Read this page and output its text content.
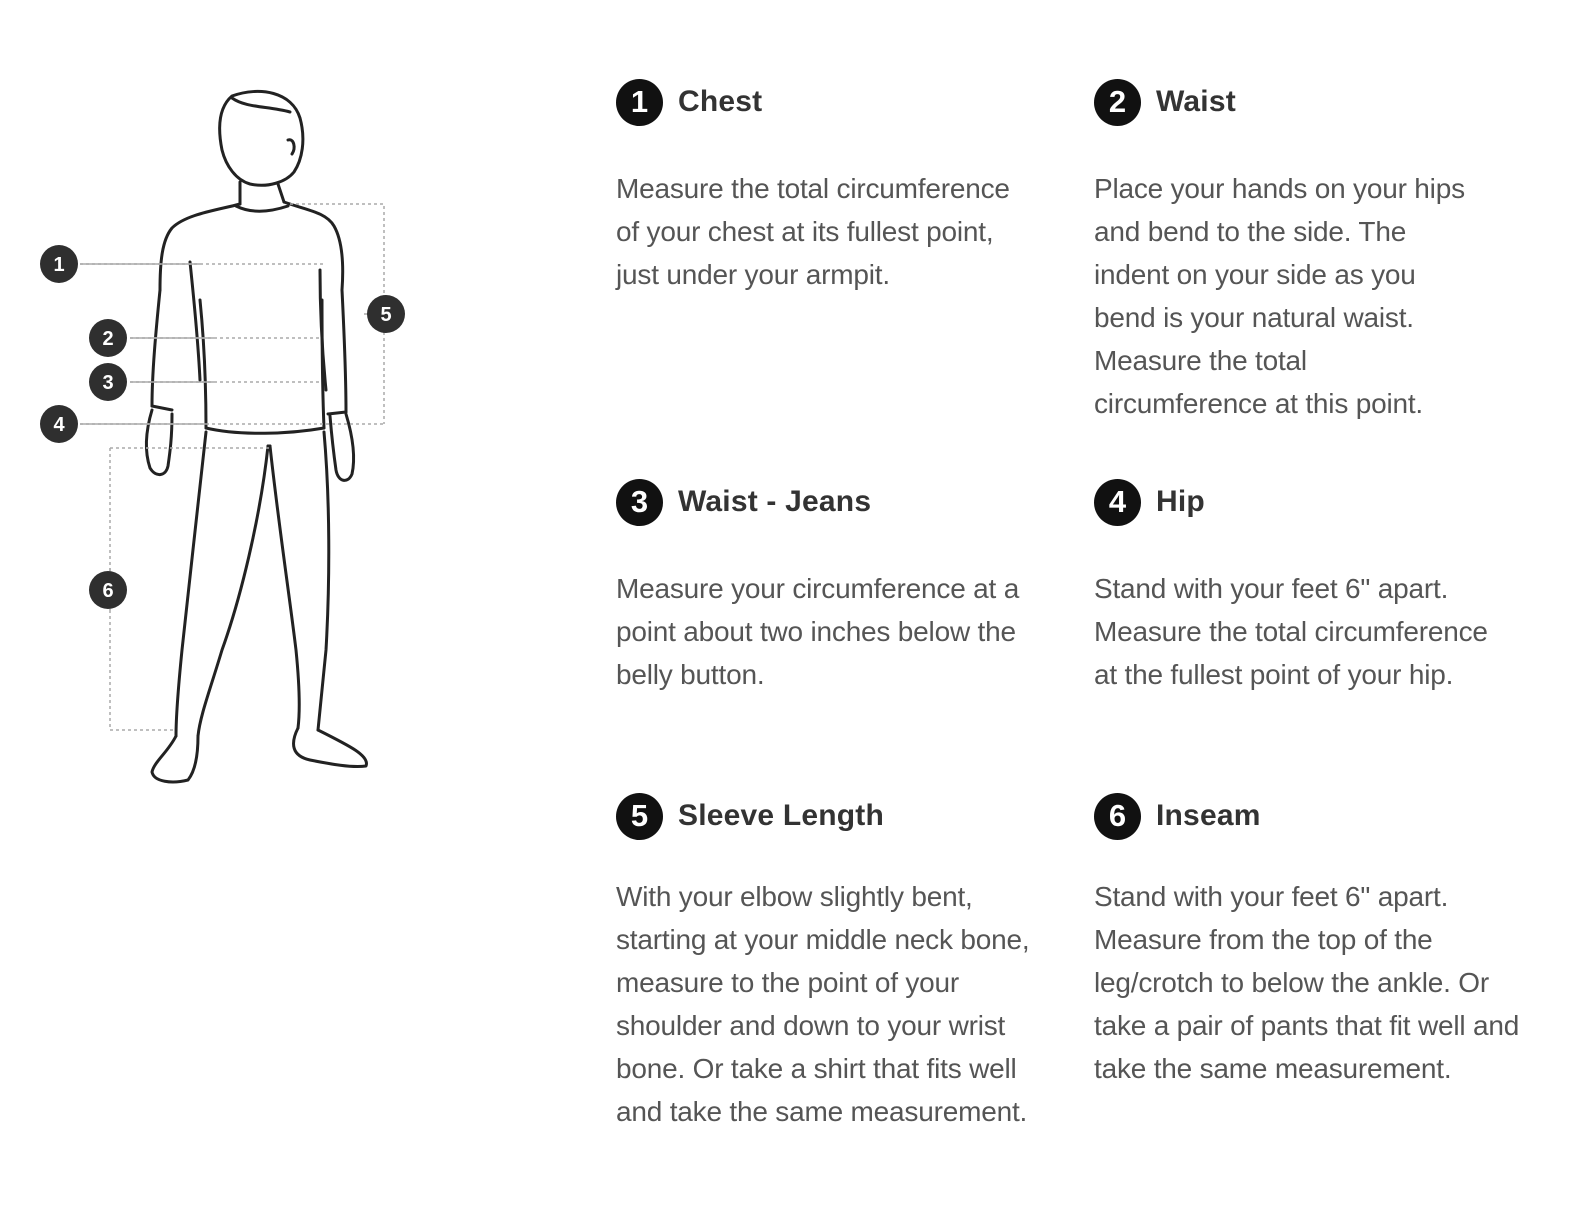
1
2
3
4
5
6
1 Chest

Measure the total circumference of your chest at its fullest point, just under your armpit.

2 Waist

Place your hands on your hips and bend to the side. The indent on your side as you bend is your natural waist. Measure the total circumference at this point.

3 Waist - Jeans

Measure your circumference at a point about two inches below the belly button.

4 Hip

Stand with your feet 6" apart. Measure the total circumference at the fullest point of your hip.

5 Sleeve Length

With your elbow slightly bent, starting at your middle neck bone, measure to the point of your shoulder and down to your wrist bone. Or take a shirt that fits well and take the same measurement.

6 Inseam

Stand with your feet 6" apart. Measure from the top of the leg/crotch to below the ankle. Or take a pair of pants that fit well and take the same measurement.
